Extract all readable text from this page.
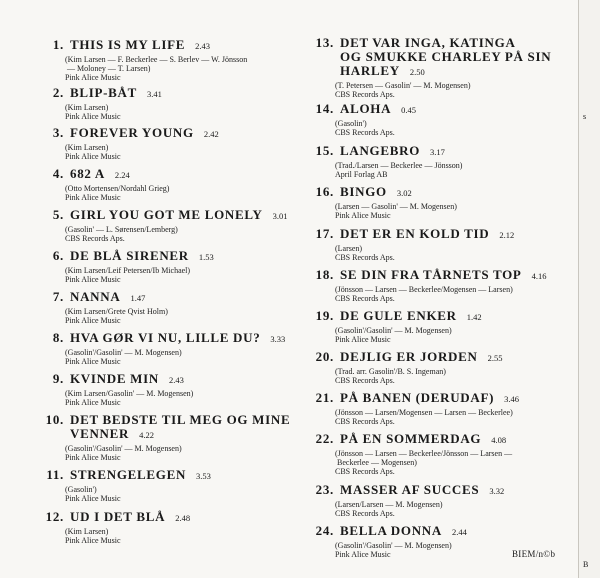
1. THIS IS MY LIFE 2.43
(Kim Larsen — F. Beckerlee — S. Berlev — W. Jönsson
— Moloney — T. Larsen)
Pink Alice Music
2. BLIP-BÅT 3.41
(Kim Larsen)
Pink Alice Music
3. FOREVER YOUNG 2.42
(Kim Larsen)
Pink Alice Music
4. 682 A 2.24
(Otto Mortensen/Nordahl Grieg)
Pink Alice Music
5. GIRL YOU GOT ME LONELY 3.01
(Gasolin' — L. Sørensen/Lemberg)
CBS Records Aps.
6. DE BLÅ SIRENER 1.53
(Kim Larsen/Leif Petersen/Ib Michael)
Pink Alice Music
7. NANNA 1.47
(Kim Larsen/Grete Qvist Holm)
Pink Alice Music
8. HVA GØR VI NU, LILLE DU? 3.33
(Gasolin'/Gasolin' — M. Mogensen)
Pink Alice Music
9. KVINDE MIN 2.43
(Kim Larsen/Gasolin' — M. Mogensen)
Pink Alice Music
10. DET BEDSTE TIL MEG OG MINE
VENNER 4.22
(Gasolin'/Gasolin' — M. Mogensen)
Pink Alice Music
11. STRENGELEGEN 3.53
(Gasolin')
Pink Alice Music
12. UD I DET BLÅ 2.48
(Kim Larsen)
Pink Alice Music
13. DET VAR INGA, KATINGA
OG SMUKKE CHARLEY PÅ SIN
HARLEY 2.50
(T. Petersen — Gasolin' — M. Mogensen)
CBS Records Aps.
14. ALOHA 0.45
(Gasolin')
CBS Records Aps.
15. LANGEBRO 3.17
(Trad./Larsen — Beckerlee — Jönsson)
April Forlag AB
16. BINGO 3.02
(Larsen — Gasolin' — M. Mogensen)
Pink Alice Music
17. DET ER EN KOLD TID 2.12
(Larsen)
CBS Records Aps.
18. SE DIN FRA TÅRNETS TOP 4.16
(Jönsson — Larsen — Beckerlee/Mogensen — Larsen)
CBS Records Aps.
19. DE GULE ENKER 1.42
(Gasolin'/Gasolin' — M. Mogensen)
Pink Alice Music
20. DEJLIG ER JORDEN 2.55
(Trad. arr. Gasolin'/B. S. Ingeman)
CBS Records Aps.
21. PÅ BANEN (DERUDAF) 3.46
(Jönsson — Larsen/Mogensen — Larsen — Beckerlee)
CBS Records Aps.
22. PÅ EN SOMMERDAG 4.08
(Jönsson — Larsen — Beckerlee/Jönsson — Larsen —
Beckerlee — Mogensen)
CBS Records Aps.
23. MASSER AF SUCCES 3.32
(Larsen/Larsen — M. Mogensen)
CBS Records Aps.
24. BELLA DONNA 2.44
(Gasolin'/Gasolin' — M. Mogensen)
Pink Alice Music	BIEM/n©b
s
B
